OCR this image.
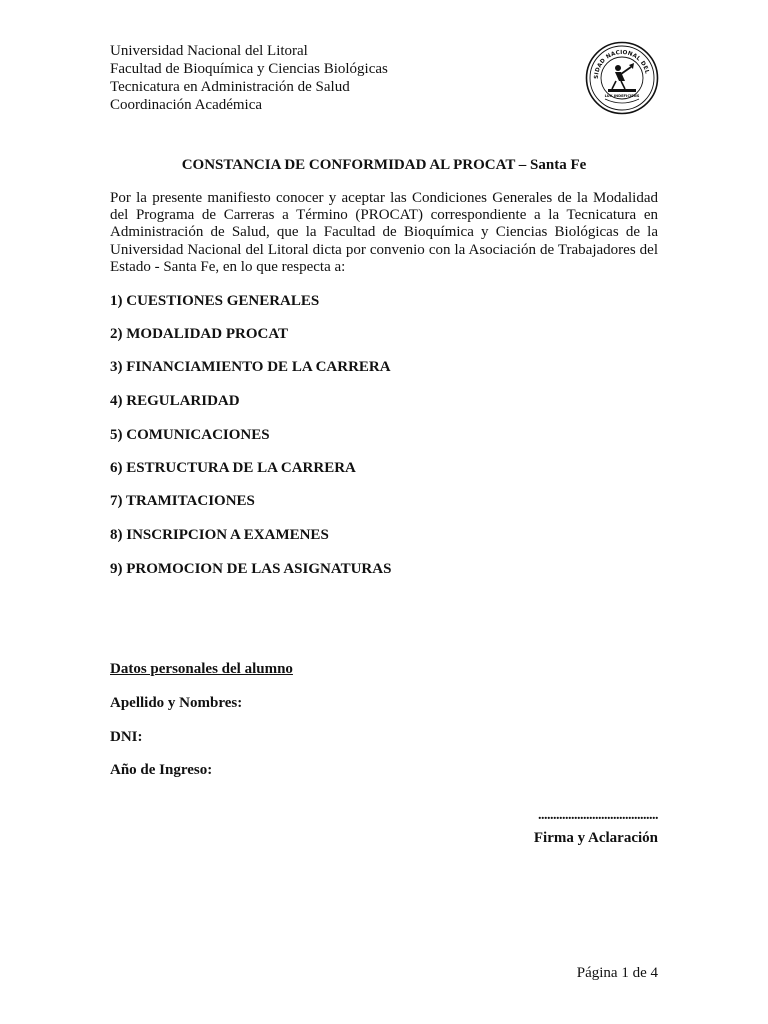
Universidad Nacional del Litoral
Facultad de Bioquímica y Ciencias Biológicas
Tecnicatura en Administración de Salud
Coordinación Académica
SIDAD NACIONAL DEL
LUX INDEFICIENS
CONSTANCIA DE CONFORMIDAD AL PROCAT – Santa Fe
Por la presente manifiesto conocer y aceptar las Condiciones Generales de la Modalidad del Programa de Carreras a Término (PROCAT) correspondiente a la Tecnicatura en Administración de Salud, que la Facultad de Bioquímica y Ciencias Biológicas de la Universidad Nacional del Litoral dicta por convenio con la Asociación de Trabajadores del Estado - Santa Fe, en lo que respecta a:
1) CUESTIONES GENERALES
2) MODALIDAD PROCAT
3) FINANCIAMIENTO DE LA CARRERA
4) REGULARIDAD
5) COMUNICACIONES
6) ESTRUCTURA DE LA CARRERA
7) TRAMITACIONES
8) INSCRIPCION A EXAMENES
9) PROMOCION DE LAS ASIGNATURAS
Datos personales del alumno
Apellido y Nombres:
DNI:
Año de Ingreso:
........................................
Firma y Aclaración
Página 1 de 4
